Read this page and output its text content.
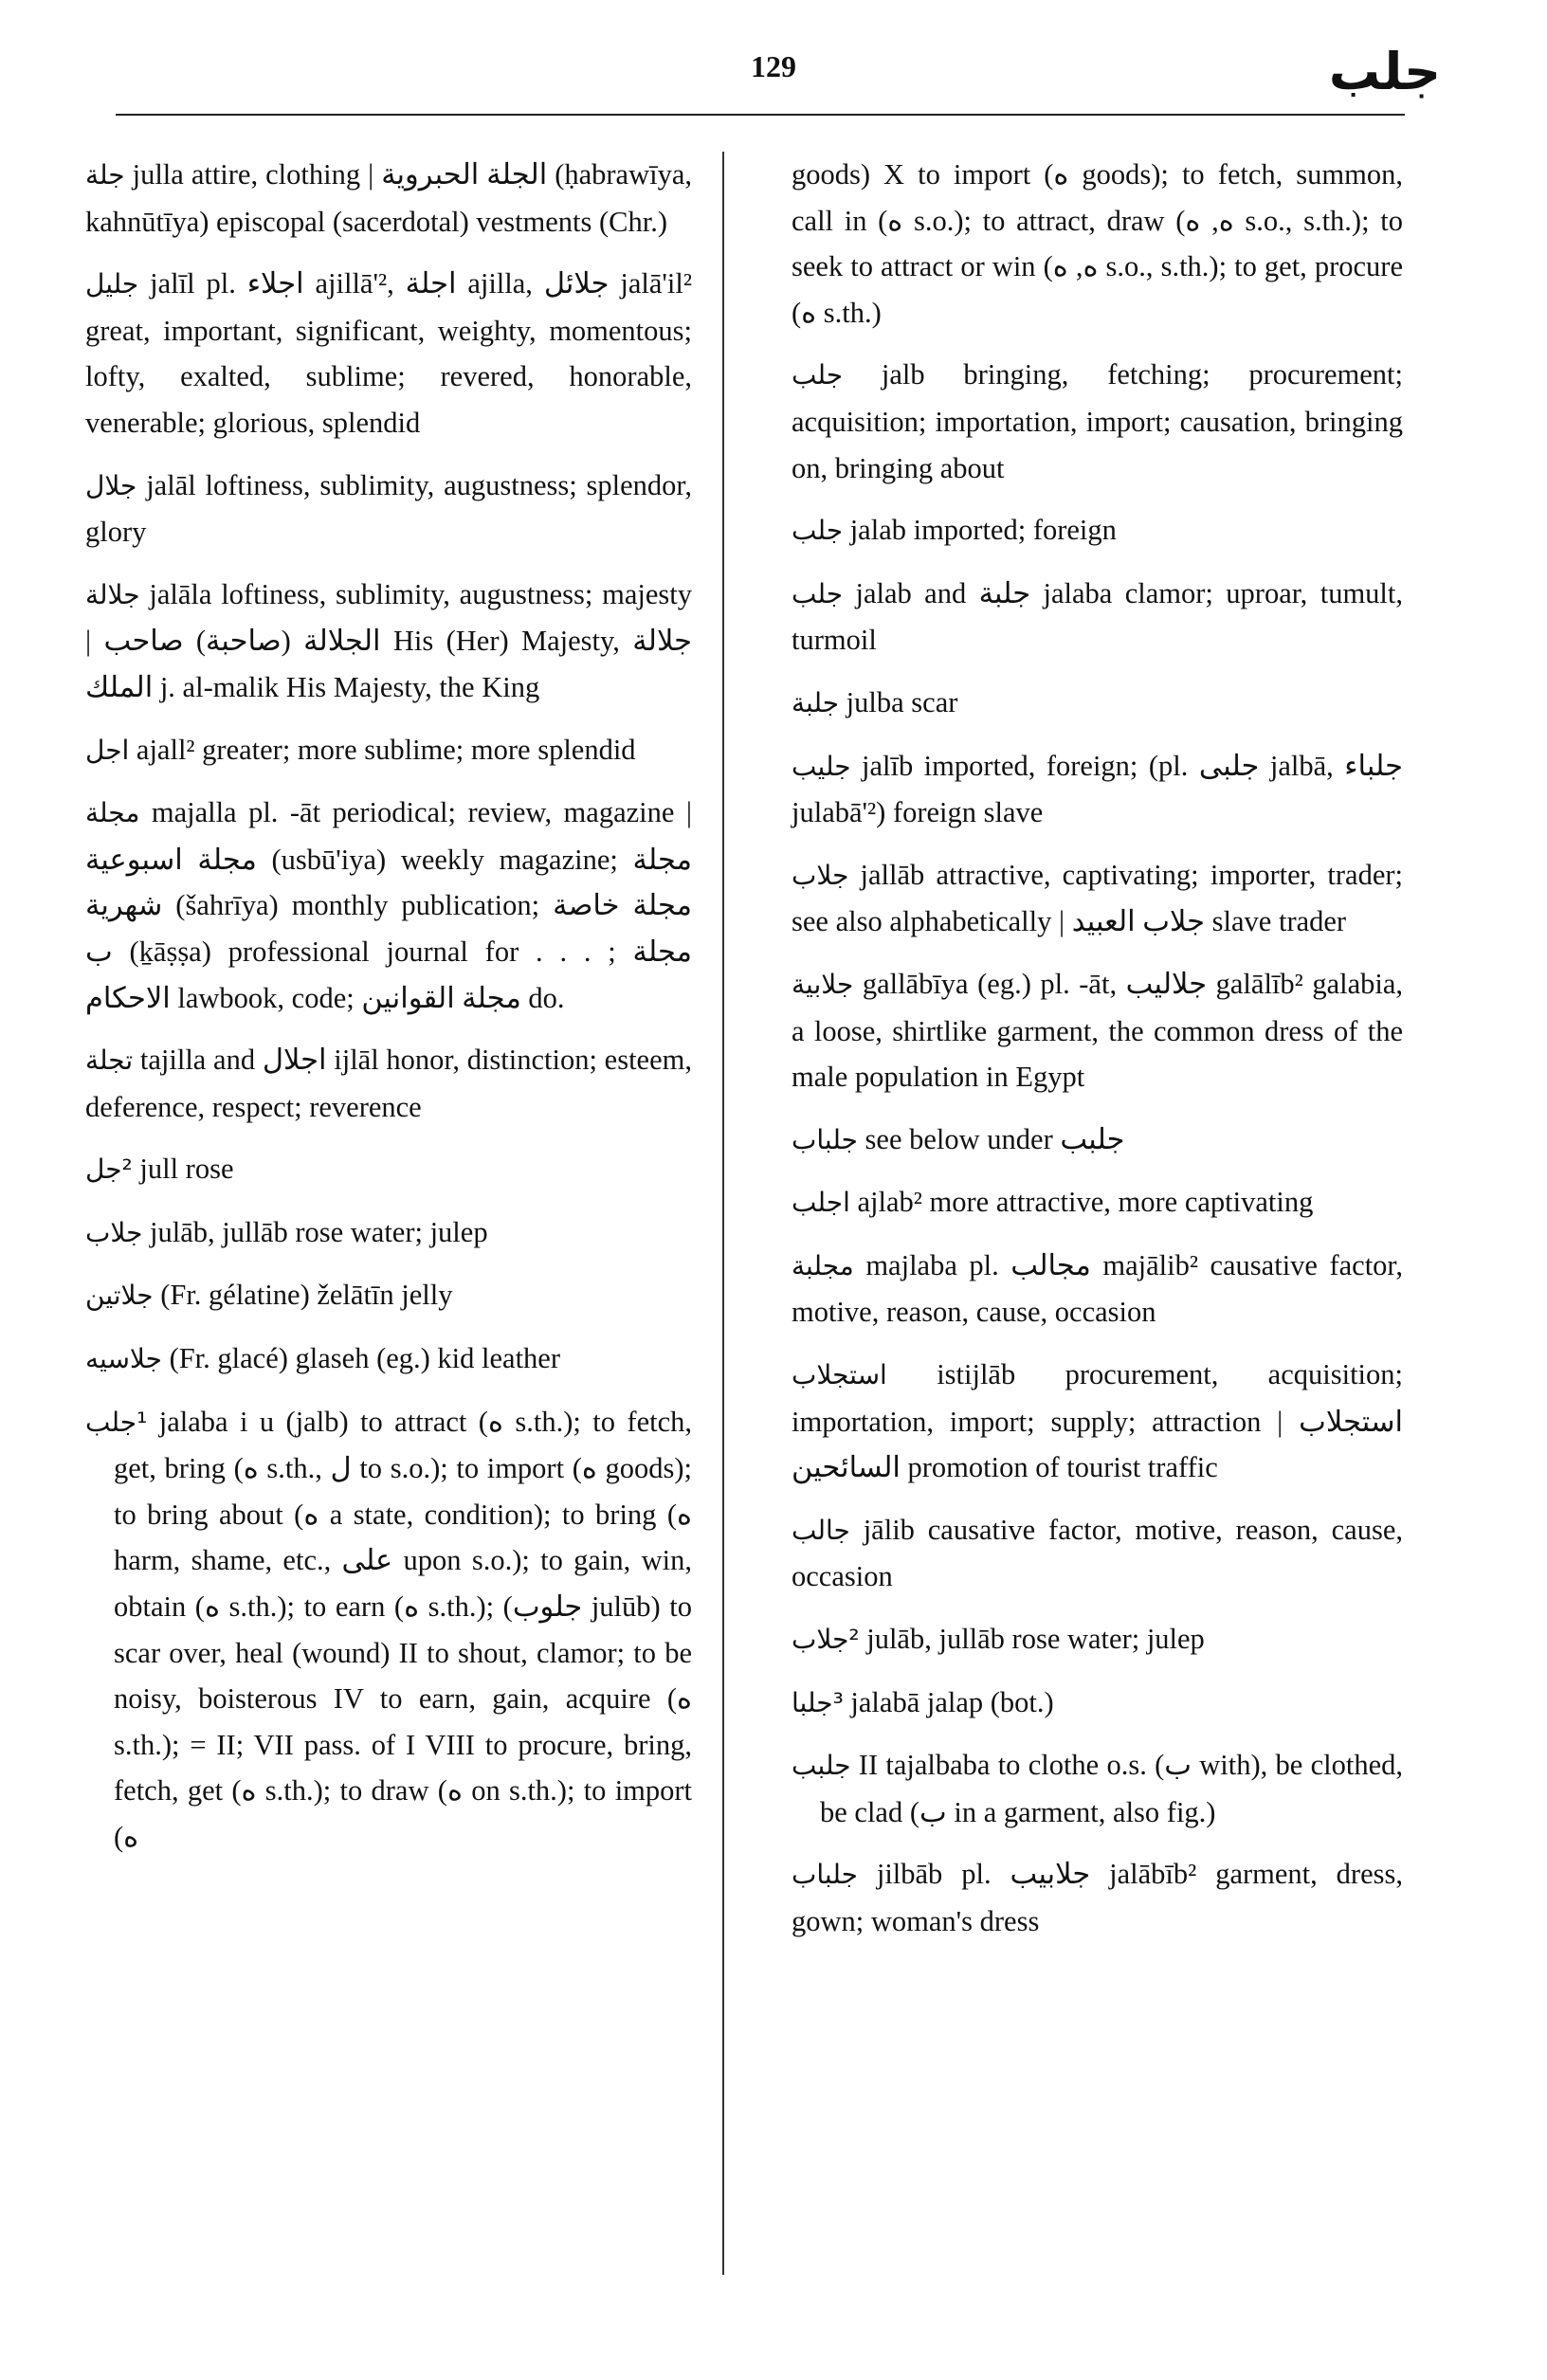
129	جلب

جلة julla attire, clothing | الجلة الحبروية (ḥabrawīya, kahnūtīya) episcopal (sacerdotal) vestments (Chr.)

جليل jalīl pl. اجلاء ajillā'², اجلة ajilla, جلائل jalā'il² great, important, significant, weighty, momentous; lofty, exalted, sublime; revered, honorable, venerable; glorious, splendid

جلال jalāl loftiness, sublimity, augustness; splendor, glory

جلالة jalāla loftiness, sublimity, augustness; majesty | الجلالة (صاحبة) صاحب His (Her) Majesty, جلالة الملك j. al-malik His Majesty, the King

اجل ajall² greater; more sublime; more splendid

مجلة majalla pl. -āt periodical; review, magazine | مجلة اسبوعية (usbū'iya) weekly magazine; مجلة شهرية (šahrīya) monthly publication; مجلة خاصة ب (ḵāṣṣa) professional journal for . . . ; مجلة الاحكام lawbook, code; مجلة القوانين do.

تجلة tajilla and اجلال ijlāl honor, distinction; esteem, deference, respect; reverence

²جل jull rose

جلاب julāb, jullāb rose water; julep

جلاتين (Fr. gélatine) želātīn jelly

جلاسيه (Fr. glacé) glaseh (eg.) kid leather

¹جلب jalaba i u (jalb) to attract (ه s.th.); to fetch, get, bring (ه s.th., ل to s.o.); to import (ه goods); to bring about (ه a state, condition); to bring (ه harm, shame, etc., على upon s.o.); to gain, win, obtain (ه s.th.); to earn (ه s.th.); (جلوب julūb) to scar over, heal (wound) II to shout, clamor; to be noisy, boisterous IV to earn, gain, acquire (ه s.th.); = II; VII pass. of I VIII to procure, bring, fetch, get (ه s.th.); to draw (ه on s.th.); to import (ه

goods) X to import (ه goods); to fetch, summon, call in (ه s.o.); to attract, draw (ه, ه s.o., s.th.); to seek to attract or win (ه, ه s.o., s.th.); to get, procure (ه s.th.)

جلب jalb bringing, fetching; procurement; acquisition; importation, import; causation, bringing on, bringing about

جلب jalab imported; foreign

جلب jalab and جلبة jalaba clamor; uproar, tumult, turmoil

جلبة julba scar

جليب jalīb imported, foreign; (pl. جلبى jalbā, جلباء julabā'²) foreign slave

جلاب jallāb attractive, captivating; importer, trader; see also alphabetically | جلاب العبيد slave trader

جلابية gallābīya (eg.) pl. -āt, جلاليب galālīb² galabia, a loose, shirtlike garment, the common dress of the male population in Egypt

جلباب see below under جلبب

اجلب ajlab² more attractive, more captivating

مجلبة majlaba pl. مجالب majālib² causative factor, motive, reason, cause, occasion

استجلاب istijlāb procurement, acquisition; importation, import; supply; attraction | استجلاب السائحين promotion of tourist traffic

جالب jālib causative factor, motive, reason, cause, occasion

²جلاب julāb, jullāb rose water; julep

³جلبا jalabā jalap (bot.)

جلبب II tajalbaba to clothe o.s. (ب with), be clothed, be clad (ب in a garment, also fig.)

جلباب jilbāb pl. جلابيب jalābīb² garment, dress, gown; woman's dress
